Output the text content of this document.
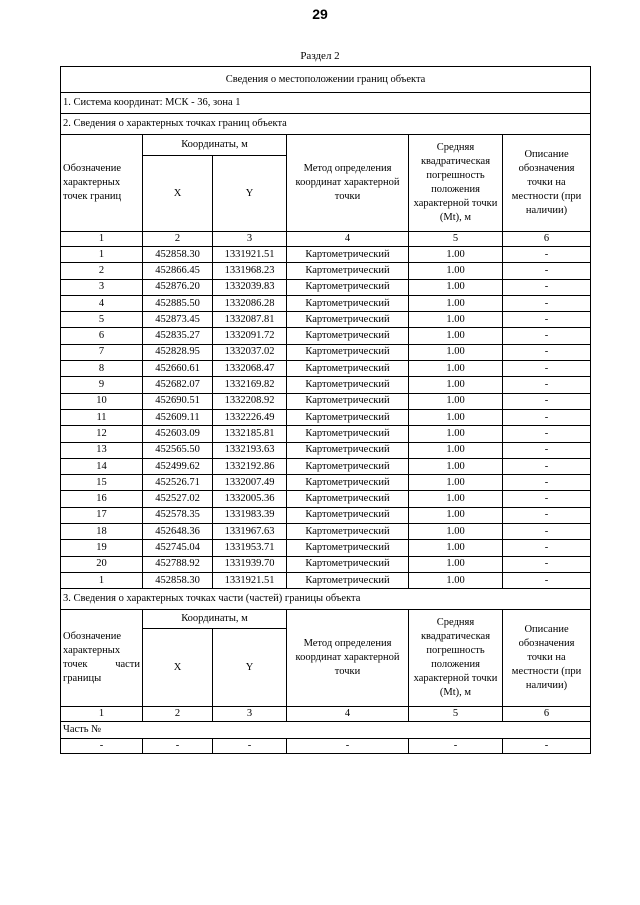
29
Раздел 2
Сведения о местоположении границ объекта					
1. Система координат: МСК - 36, зона 1					
2. Сведения о характерных точках границ объекта					
Обозначение характерных точек границ	Координаты, м		Метод определения координат характерной точки	Средняя квадратическая погрешность положения характерной точки (Mt), м	Описание обозначения точки на местности (при наличии)
	X	Y			
1	2	3	4	5	6
1	452858.30	1331921.51	Картометрический	1.00	-
2	452866.45	1331968.23	Картометрический	1.00	-
3	452876.20	1332039.83	Картометрический	1.00	-
4	452885.50	1332086.28	Картометрический	1.00	-
5	452873.45	1332087.81	Картометрический	1.00	-
6	452835.27	1332091.72	Картометрический	1.00	-
7	452828.95	1332037.02	Картометрический	1.00	-
8	452660.61	1332068.47	Картометрический	1.00	-
9	452682.07	1332169.82	Картометрический	1.00	-
10	452690.51	1332208.92	Картометрический	1.00	-
11	452609.11	1332226.49	Картометрический	1.00	-
12	452603.09	1332185.81	Картометрический	1.00	-
13	452565.50	1332193.63	Картометрический	1.00	-
14	452499.62	1332192.86	Картометрический	1.00	-
15	452526.71	1332007.49	Картометрический	1.00	-
16	452527.02	1332005.36	Картометрический	1.00	-
17	452578.35	1331983.39	Картометрический	1.00	-
18	452648.36	1331967.63	Картометрический	1.00	-
19	452745.04	1331953.71	Картометрический	1.00	-
20	452788.92	1331939.70	Картометрический	1.00	-
1	452858.30	1331921.51	Картометрический	1.00	-
3. Сведения о характерных точках части (частей) границы объекта					
Обозначение характерных точек части границы	Координаты, м		Метод определения координат характерной точки	Средняя квадратическая погрешность положения характерной точки (Mt), м	Описание обозначения точки на местности (при наличии)
	X	Y			
1	2	3	4	5	6
Часть №					
-	-	-	-	-	-
